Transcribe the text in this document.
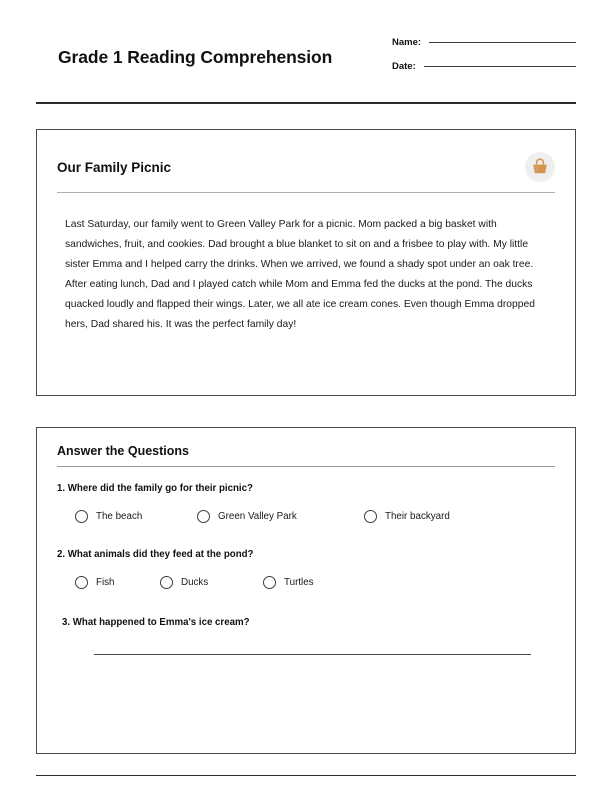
Grade 1 Reading Comprehension
Name:
Date:
Our Family Picnic

Last Saturday, our family went to Green Valley Park for a picnic. Mom packed a big basket with sandwiches, fruit, and cookies. Dad brought a blue blanket to sit on and a frisbee to play with. My little sister Emma and I helped carry the drinks. When we arrived, we found a shady spot under an oak tree. After eating lunch, Dad and I played catch while Mom and Emma fed the ducks at the pond. The ducks quacked loudly and flapped their wings. Later, we all ate ice cream cones. Even though Emma dropped hers, Dad shared his. It was the perfect family day!

Answer the Questions

1. Where did the family go for their picnic?

The beach	Green Valley Park	Their backyard

2. What animals did they feed at the pond?

Fish	Ducks	Turtles

3. What happened to Emma's ice cream?
